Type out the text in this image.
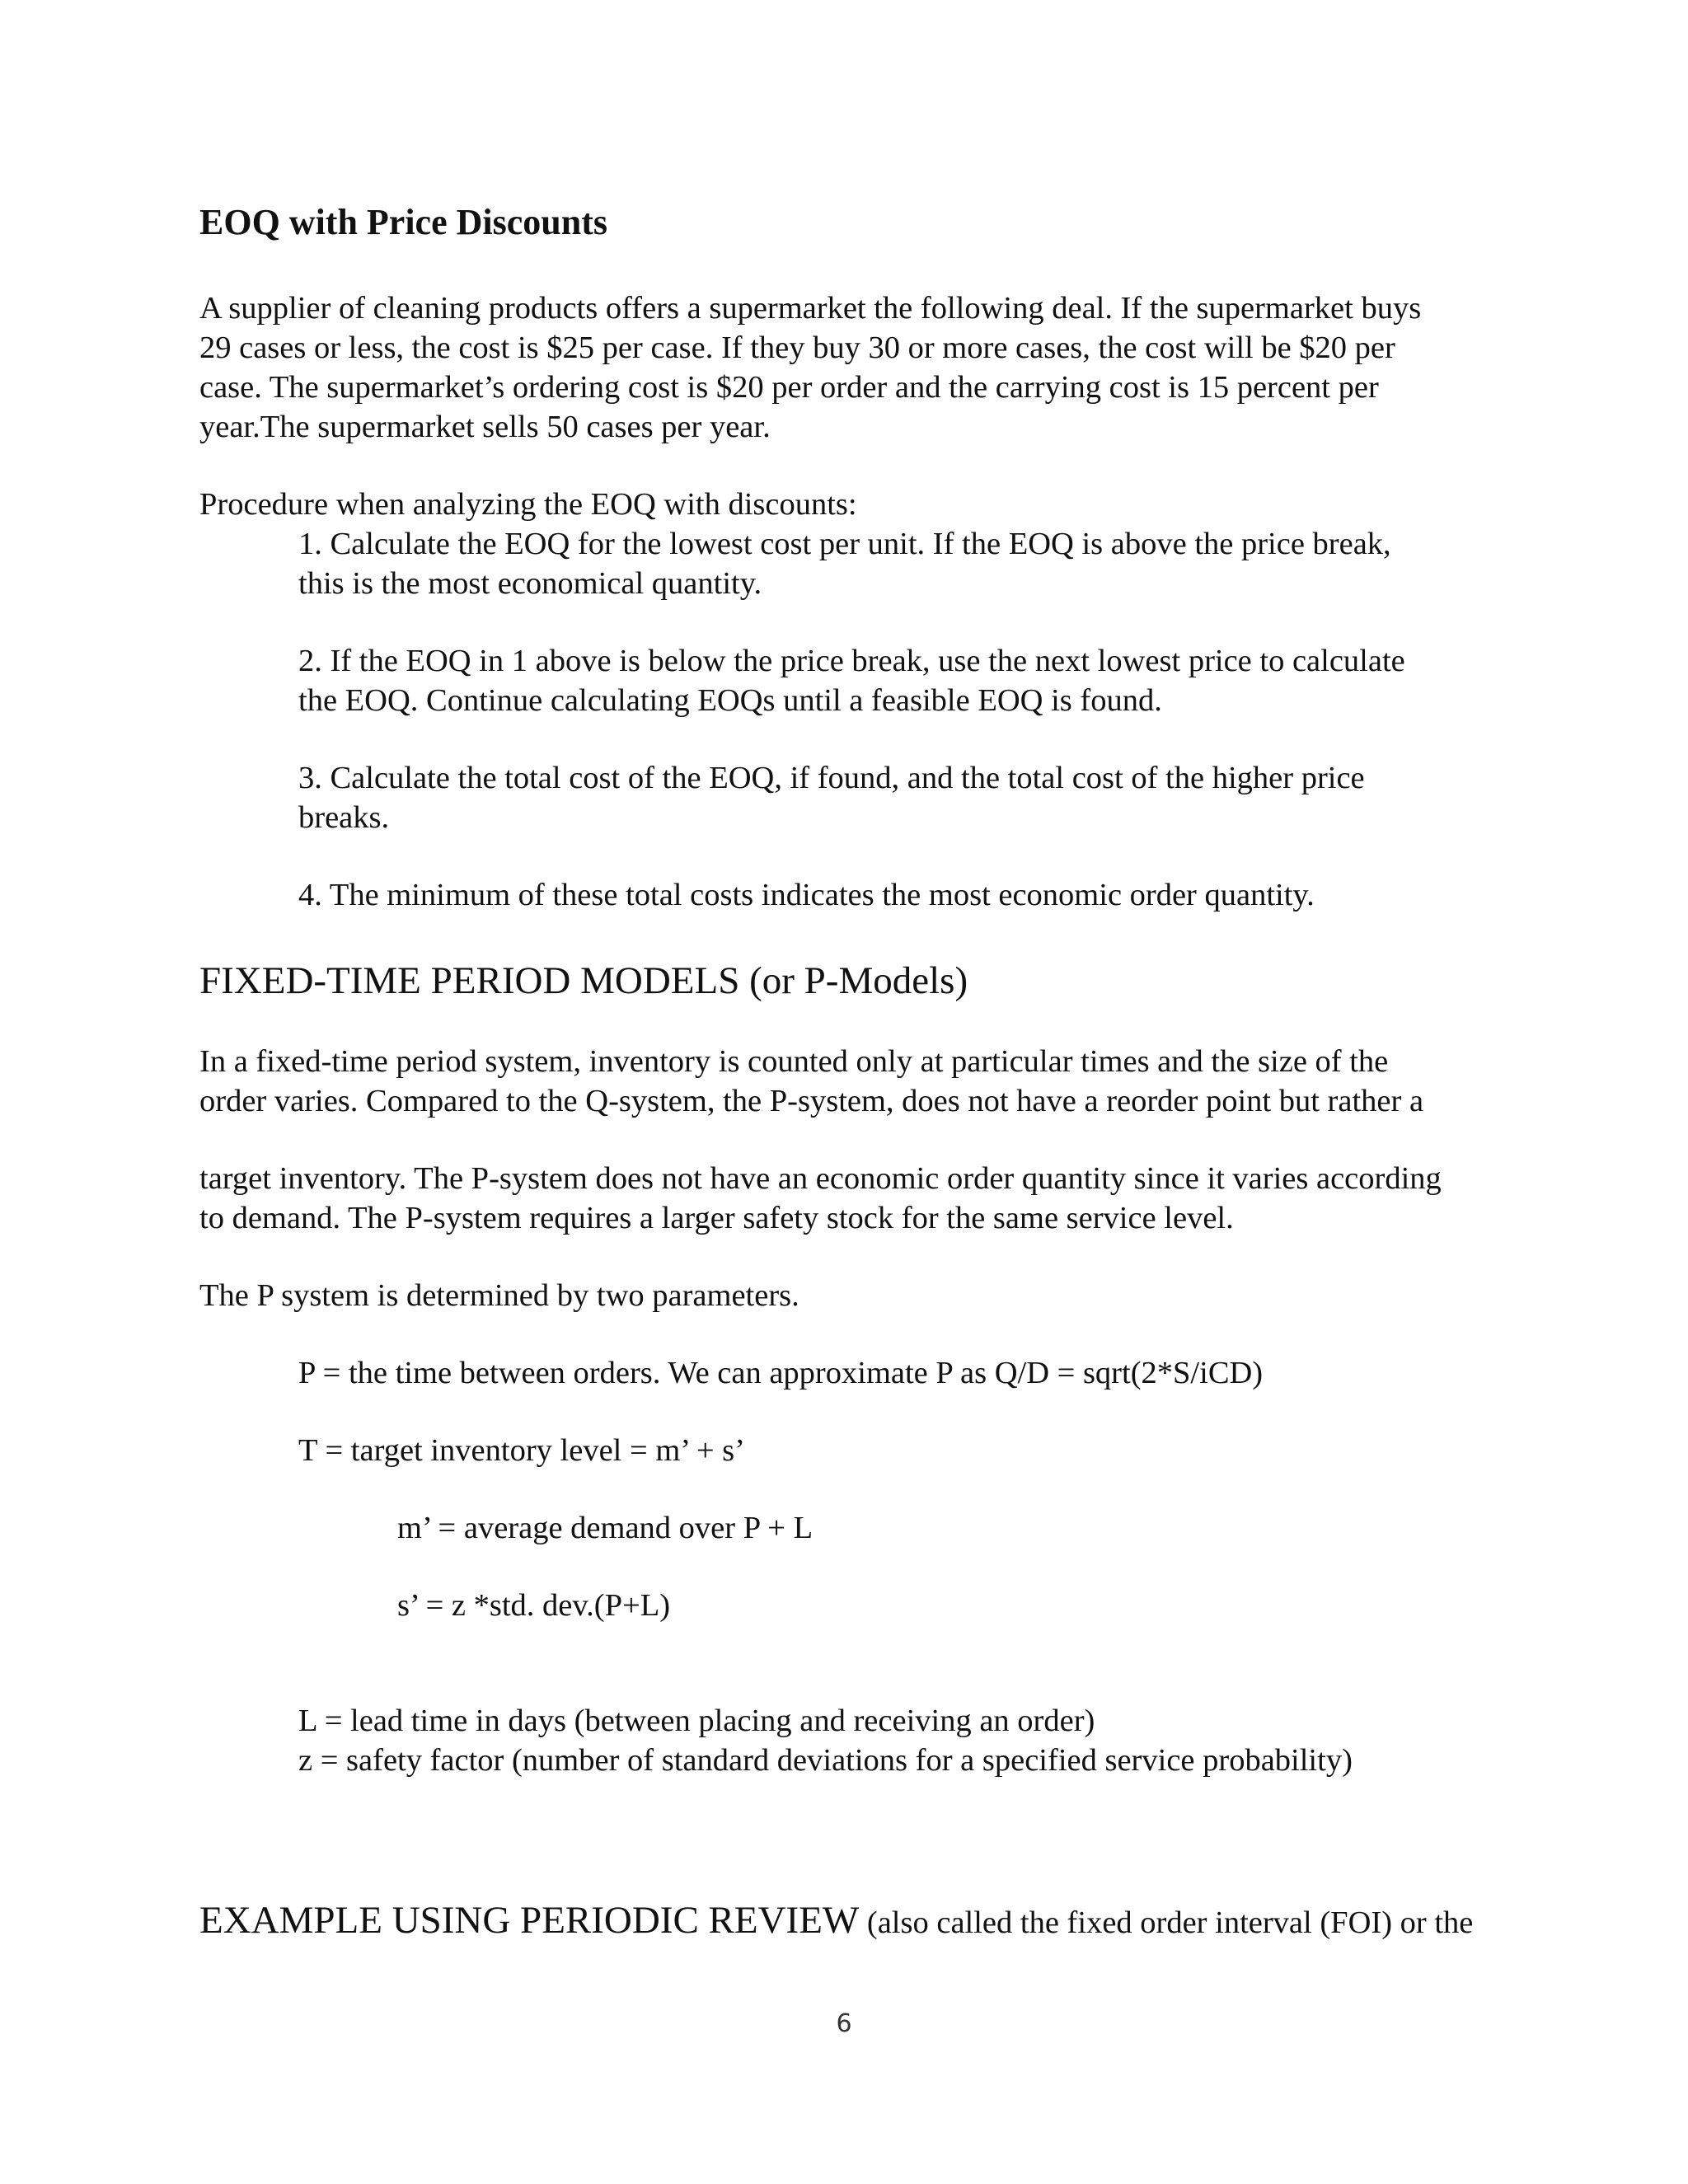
EOQ with Price Discounts
A supplier of cleaning products offers a supermarket the following deal. If the supermarket buys
29 cases or less, the cost is $25 per case. If they buy 30 or more cases, the cost will be $20 per
case. The supermarket’s ordering cost is $20 per order and the carrying cost is 15 percent per
year.The supermarket sells 50 cases per year.
Procedure when analyzing the EOQ with discounts:
1. Calculate the EOQ for the lowest cost per unit. If the EOQ is above the price break,
this is the most economical quantity.
2. If the EOQ in 1 above is below the price break, use the next lowest price to calculate
the EOQ. Continue calculating EOQs until a feasible EOQ is found.
3. Calculate the total cost of the EOQ, if found, and the total cost of the higher price
breaks.
4. The minimum of these total costs indicates the most economic order quantity.
FIXED-TIME PERIOD MODELS (or P-Models)
In a fixed-time period system, inventory is counted only at particular times and the size of the
order varies. Compared to the Q-system, the P-system, does not have a reorder point but rather a
target inventory. The P-system does not have an economic order quantity since it varies according
to demand. The P-system requires a larger safety stock for the same service level.
The P system is determined by two parameters.
P = the time between orders. We can approximate P as Q/D = sqrt(2*S/iCD)
T = target inventory level = m’ + s’
m’ = average demand over P + L
s’ = z *std. dev.(P+L)
L = lead time in days (between placing and receiving an order)
z = safety factor (number of standard deviations for a specified service probability)
EXAMPLE USING PERIODIC REVIEW (also called the fixed order interval (FOI) or the
6
